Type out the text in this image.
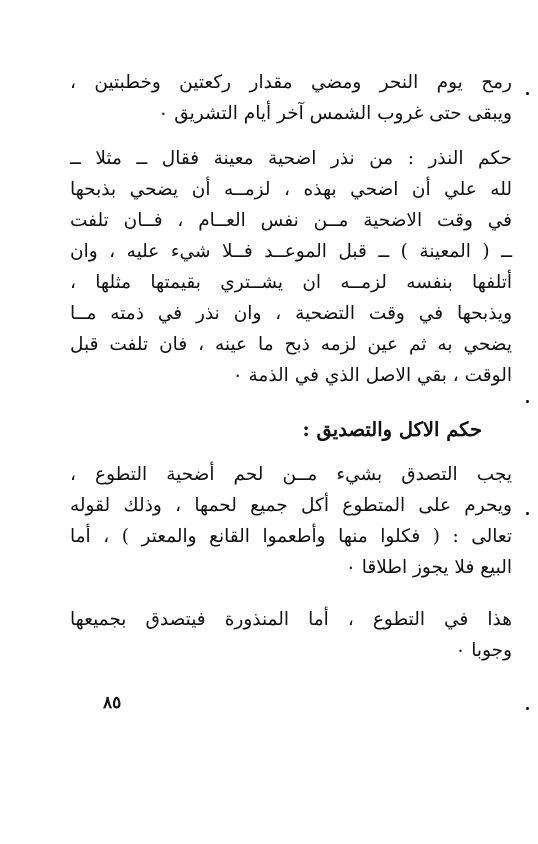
رمح يوم النحر ومضي مقدار ركعتين وخطبتين ،
ويبقى حتى غروب الشمس آخر أيام التشريق ٠
حكم النذر : من نذر اضحية معينة فقال ــ مثلا ــ
لله علي أن اضحي بهذه ، لزمــه أن يضحي بذبحها
في وقت الاضحية مــن نفس العــام ، فــان تلفت
ــ ( المعينة ) ــ قبل الموعــد فــلا شيء عليه ، وان
أتلفها بنفسه لزمــه ان يشــتري بقيمتها مثلها ،
ويذبحها في وقت التضحية ، وان نذر في ذمته مــا
يضحي به ثم عين لزمه ذبح ما عينه ، فان تلفت قبل
الوقت ، بقي الاصل الذي في الذمة ٠
حكم الاكل والتصديق :
يجب التصدق بشيء مــن لحم أضحية التطوع ،
ويحرم على المتطوع أكل جميع لحمها ، وذلك لقوله
تعالى : ( فكلوا منها وأطعموا القانع والمعتر ) ، أما
البيع فلا يجوز اطلاقا ٠
هذا في التطوع ، أما المنذورة فيتصدق بجميعها
وجوبا ٠
٨٥
